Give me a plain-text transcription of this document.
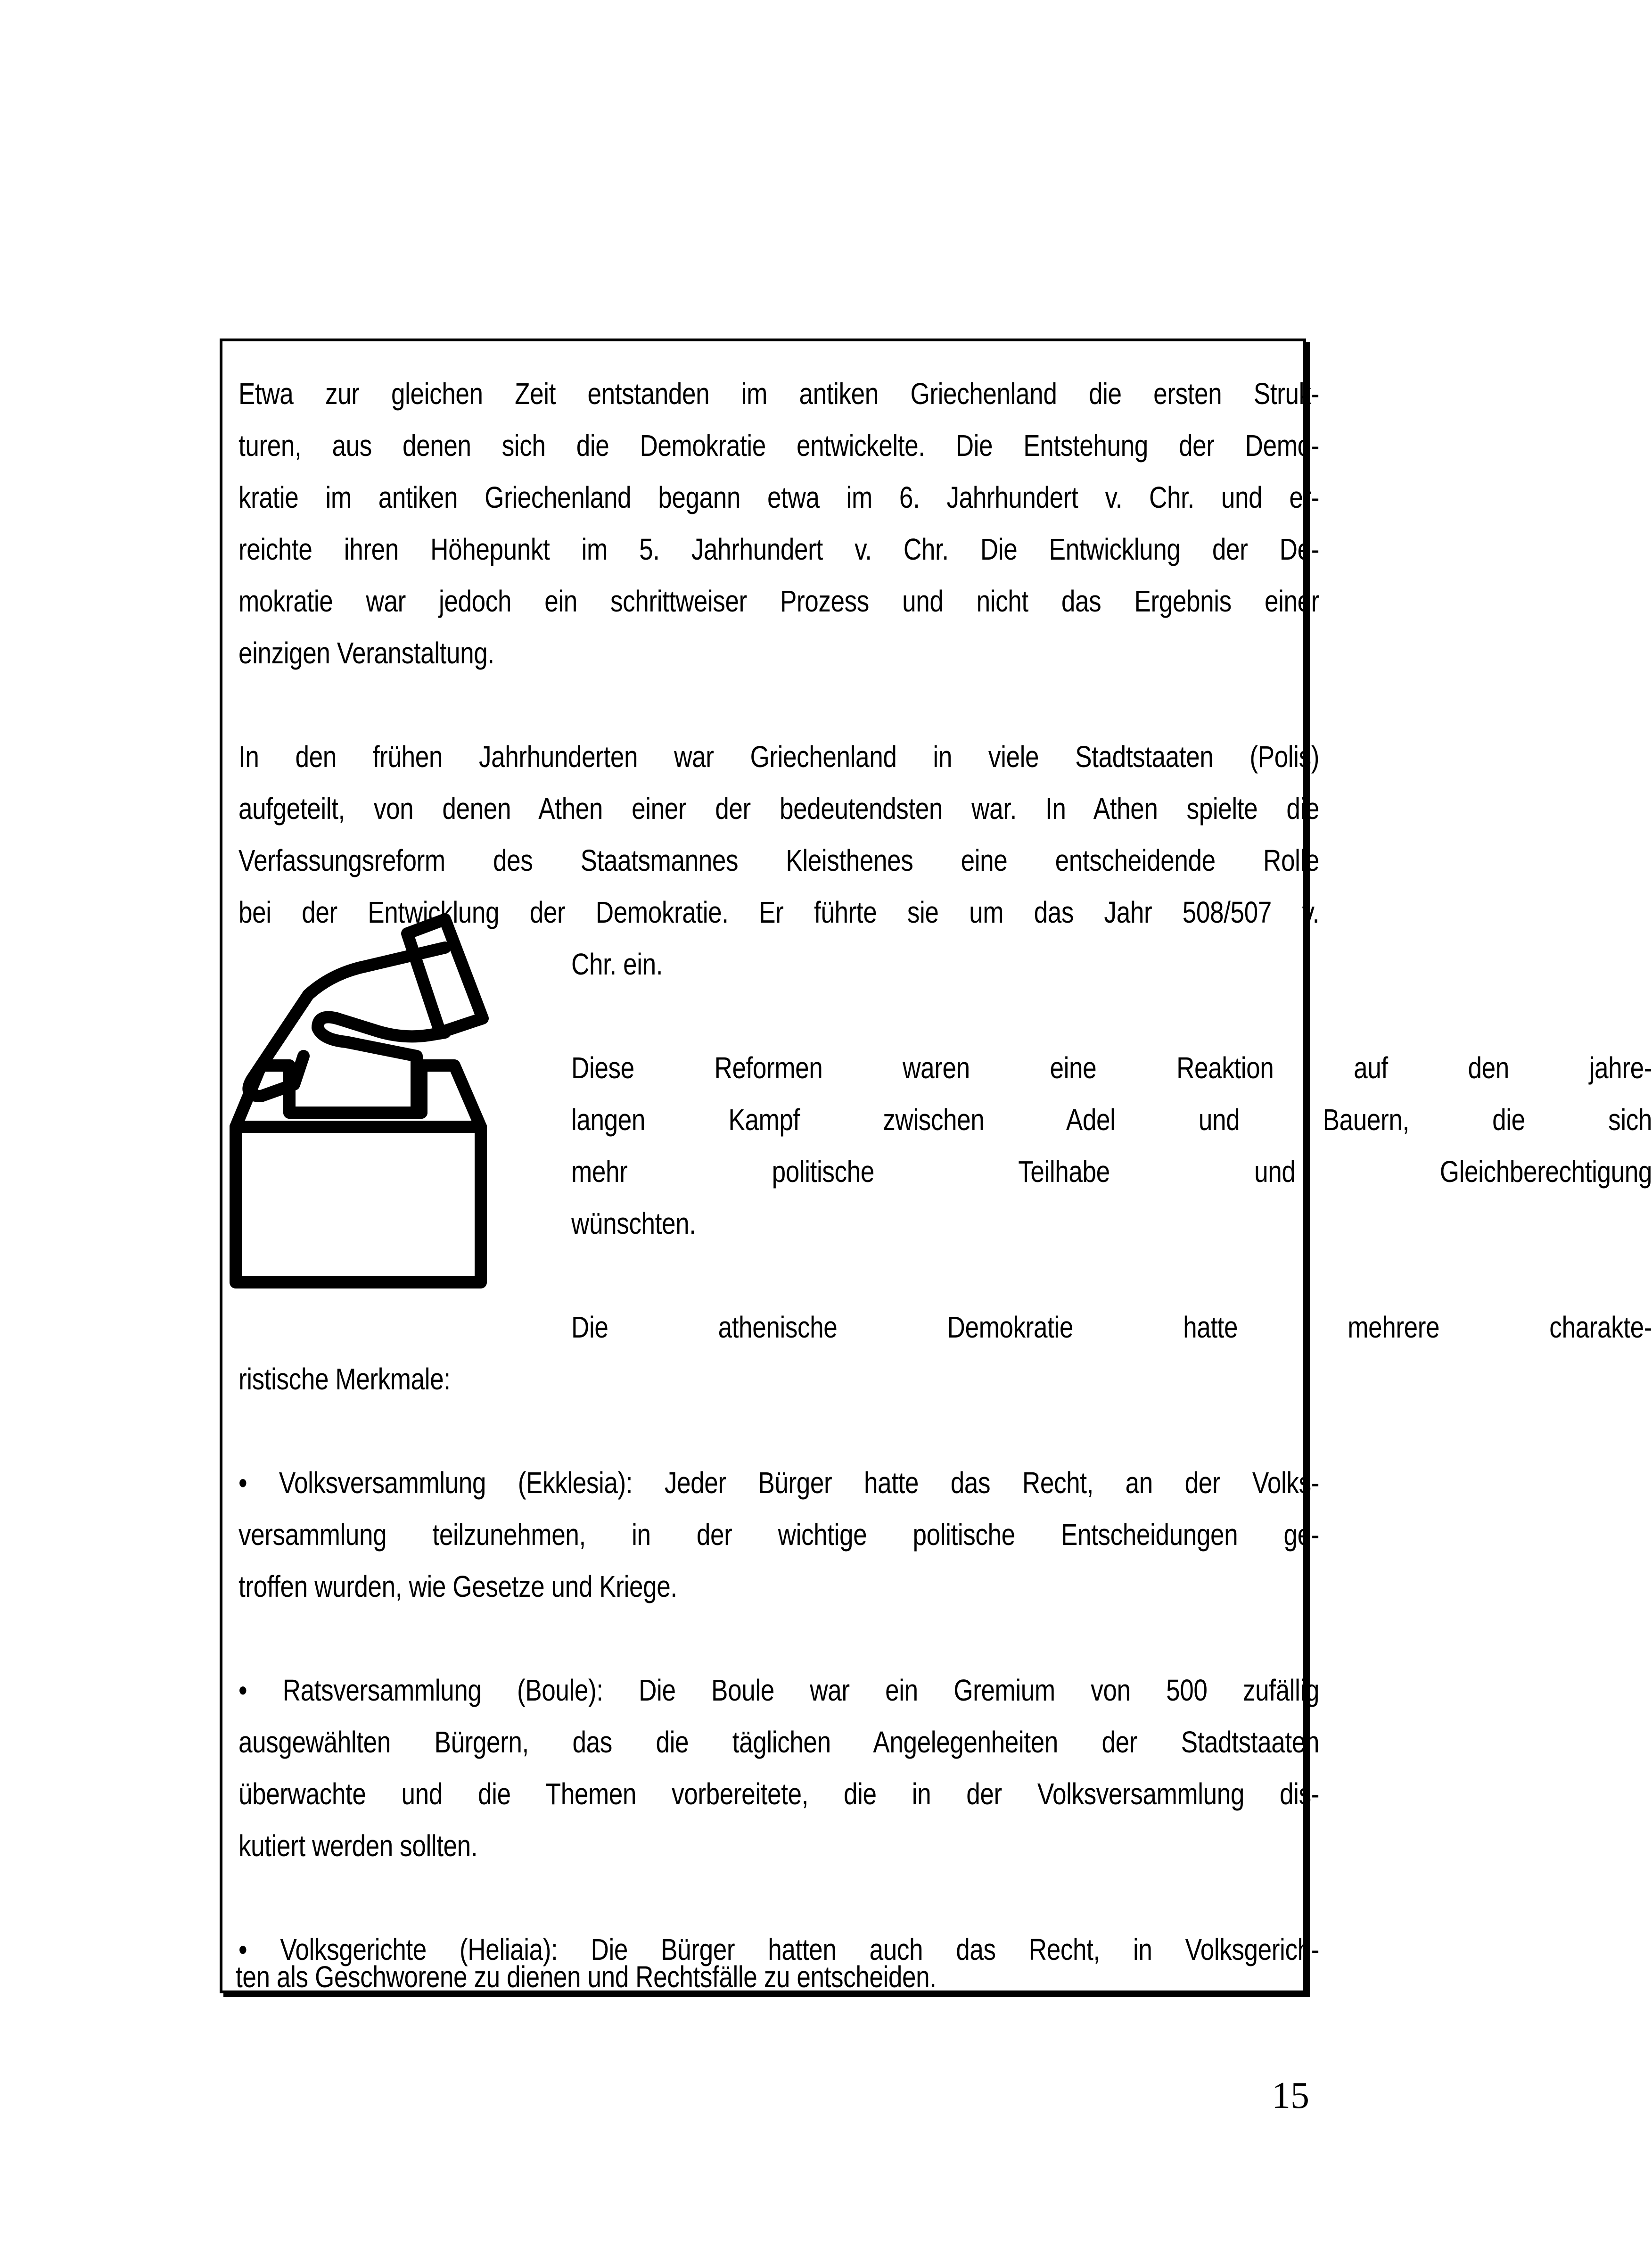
Etwa zur gleichen Zeit entstanden im antiken Griechenland die ersten Struk-
turen, aus denen sich die Demokratie entwickelte. Die Entstehung der Demo-
kratie im antiken Griechenland begann etwa im 6. Jahrhundert v. Chr. und er-
reichte ihren Höhepunkt im 5. Jahrhundert v. Chr. Die Entwicklung der De-
mokratie war jedoch ein schrittweiser Prozess und nicht das Ergebnis einer
einzigen Veranstaltung.
In den frühen Jahrhunderten war Griechenland in viele Stadtstaaten (Polis)
aufgeteilt, von denen Athen einer der bedeutendsten war. In Athen spielte die
Verfassungsreform des Staatsmannes Kleisthenes eine entscheidende Rolle
bei der Entwicklung der Demokratie. Er führte sie um das Jahr 508/507 v.
Chr. ein.
Diese Reformen waren eine Reaktion auf den jahre-
langen Kampf zwischen Adel und Bauern, die sich
mehr politische Teilhabe und Gleichberechtigung
wünschten.
Die athenische Demokratie hatte mehrere charakte-
ristische Merkmale:
• Volksversammlung (Ekklesia): Jeder Bürger hatte das Recht, an der Volks-
versammlung teilzunehmen, in der wichtige politische Entscheidungen ge-
troffen wurden, wie Gesetze und Kriege.
• Ratsversammlung (Boule): Die Boule war ein Gremium von 500 zufällig
ausgewählten Bürgern, das die täglichen Angelegenheiten der Stadtstaaten
überwachte und die Themen vorbereitete, die in der Volksversammlung dis-
kutiert werden sollten.
• Volksgerichte (Heliaia): Die Bürger hatten auch das Recht, in Volksgerich-
ten als Geschworene zu dienen und Rechtsfälle zu entscheiden.
15
